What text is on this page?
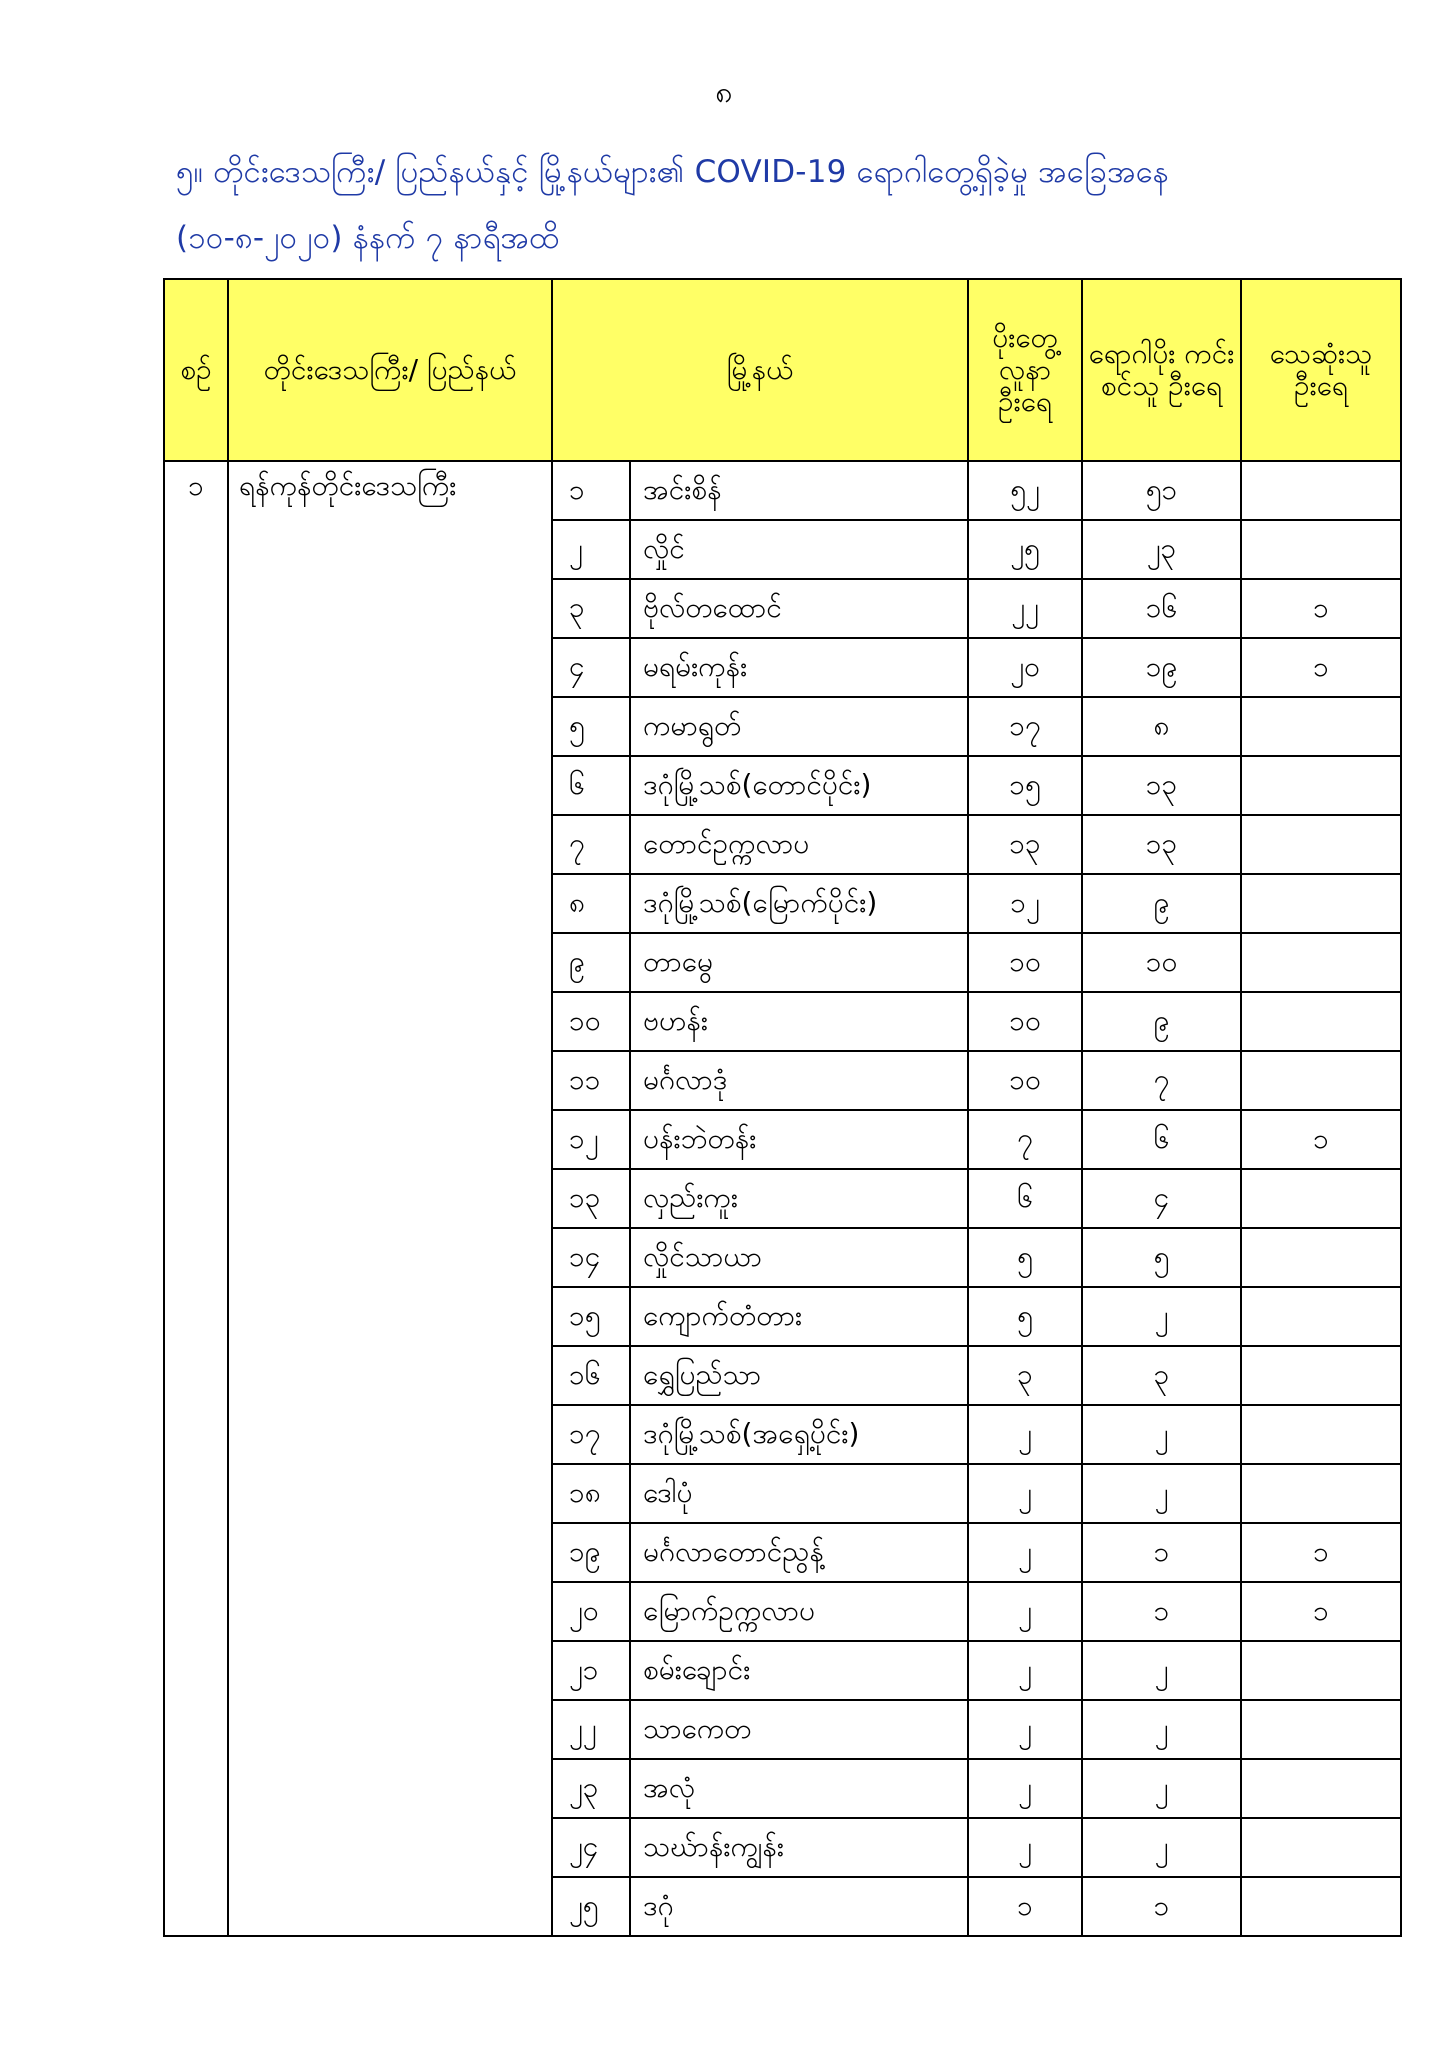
၈
၅။ တိုင်းဒေသကြီး/ ပြည်နယ်နှင့် မြို့နယ်များ၏ COVID-19 ရောဂါတွေ့ရှိခဲ့မှု အခြေအနေ
(၁၀-၈-၂၀၂၀) နံနက် ၇ နာရီအထိ
စဉ်	တိုင်းဒေသကြီး/ ပြည်နယ်	မြို့နယ်		ပိုးတွေ့ လူနာ ဦးရေ	ရောဂါပိုး ကင်းစင်သူ ဦးရေ	သေဆုံးသူ ဦးရေ
၁	ရန်ကုန်တိုင်းဒေသကြီး	၁	အင်းစိန်	၅၂	၅၁	
		၂	လှိုင်	၂၅	၂၃	
		၃	ဗိုလ်တထောင်	၂၂	၁၆	၁
		၄	မရမ်းကုန်း	၂၀	၁၉	၁
		၅	ကမာရွတ်	၁၇	၈	
		၆	ဒဂုံမြို့သစ်(တောင်ပိုင်း)	၁၅	၁၃	
		၇	တောင်ဥက္ကလာပ	၁၃	၁၃	
		၈	ဒဂုံမြို့သစ်(မြောက်ပိုင်း)	၁၂	၉	
		၉	တာမွေ	၁၀	၁၀	
		၁၀	ဗဟန်း	၁၀	၉	
		၁၁	မင်္ဂလာဒုံ	၁၀	၇	
		၁၂	ပန်းဘဲတန်း	၇	၆	၁
		၁၃	လှည်းကူး	၆	၄	
		၁၄	လှိုင်သာယာ	၅	၅	
		၁၅	ကျောက်တံတား	၅	၂	
		၁၆	ရွှေပြည်သာ	၃	၃	
		၁၇	ဒဂုံမြို့သစ်(အရှေ့ပိုင်း)	၂	၂	
		၁၈	ဒေါပုံ	၂	၂	
		၁၉	မင်္ဂလာတောင်ညွန့်	၂	၁	၁
		၂၀	မြောက်ဥက္ကလာပ	၂	၁	၁
		၂၁	စမ်းချောင်း	၂	၂	
		၂၂	သာကေတ	၂	၂	
		၂၃	အလုံ	၂	၂	
		၂၄	သဃ်ာန်းကျွန်း	၂	၂	
		၂၅	ဒဂုံ	၁	၁	
